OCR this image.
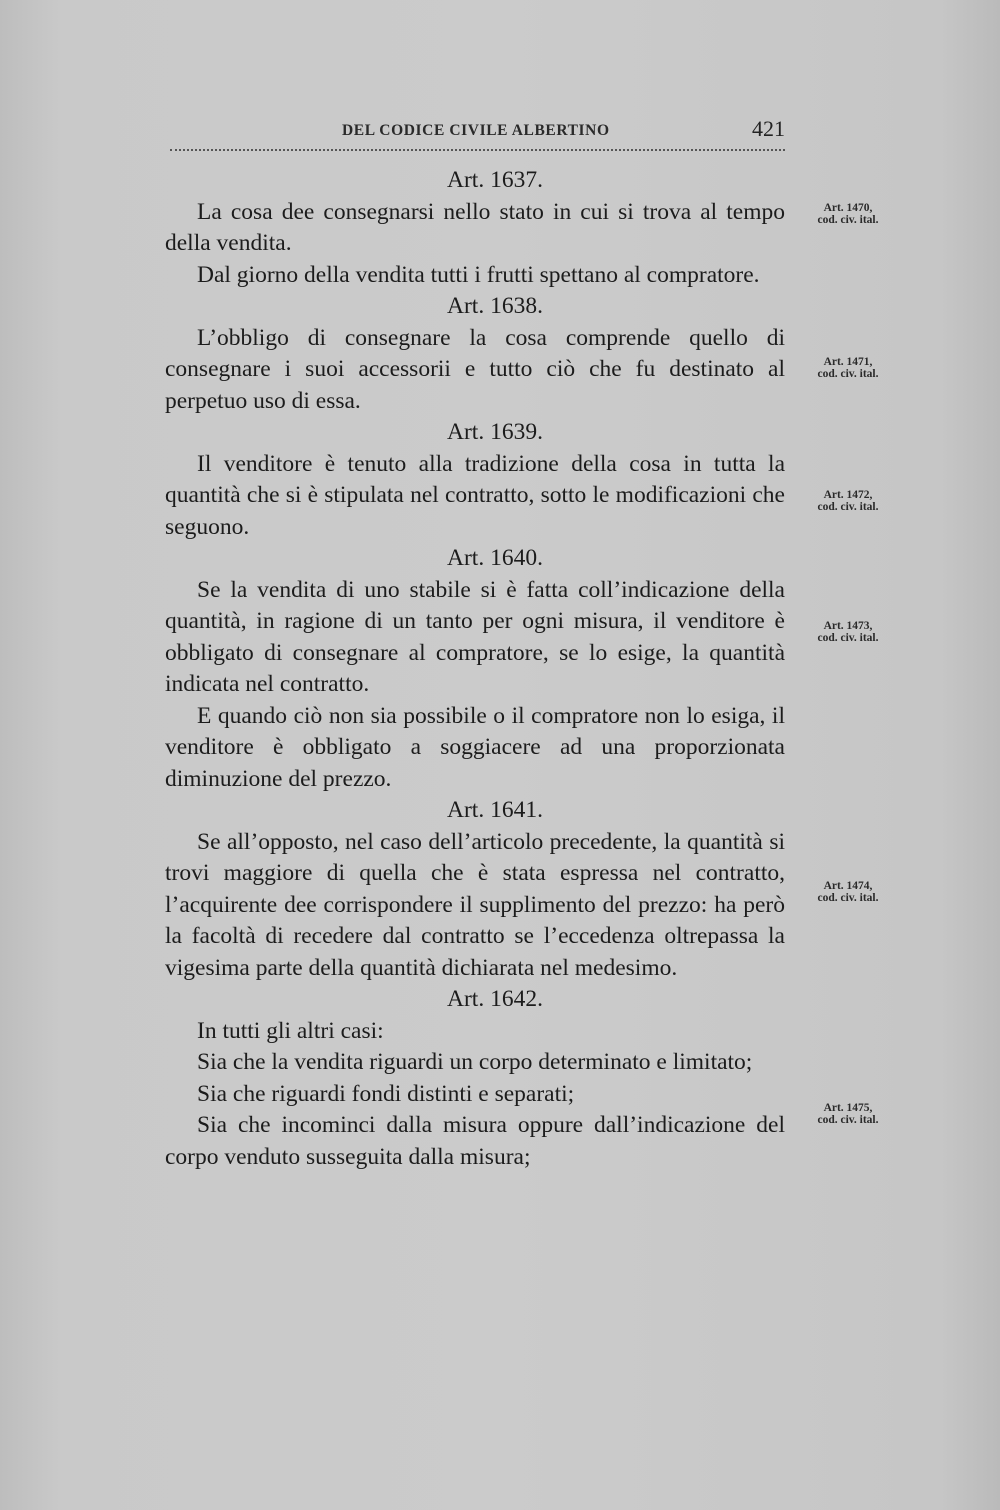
DEL CODICE CIVILE ALBERTINO	421

Art. 1637.

La cosa dee consegnarsi nello stato in cui si trova al tempo della vendita.

Dal giorno della vendita tutti i frutti spettano al compratore.

Art. 1638.

L’obbligo di consegnare la cosa comprende quello di consegnare i suoi accessorii e tutto ciò che fu destinato al perpetuo uso di essa.

Art. 1639.

Il venditore è tenuto alla tradizione della cosa in tutta la quantità che si è stipulata nel contratto, sotto le modificazioni che seguono.

Art. 1640.

Se la vendita di uno stabile si è fatta coll’indicazione della quantità, in ragione di un tanto per ogni misura, il venditore è obbligato di consegnare al compratore, se lo esige, la quantità indicata nel contratto.

E quando ciò non sia possibile o il compratore non lo esiga, il venditore è obbligato a soggiacere ad una proporzionata diminuzione del prezzo.

Art. 1641.

Se all’opposto, nel caso dell’articolo precedente, la quantità si trovi maggiore di quella che è stata espressa nel contratto, l’acquirente dee corrispondere il supplimento del prezzo: ha però la facoltà di recedere dal contratto se l’eccedenza oltrepassa la vigesima parte della quantità dichiarata nel medesimo.

Art. 1642.

In tutti gli altri casi:

Sia che la vendita riguardi un corpo determinato e limitato;

Sia che riguardi fondi distinti e separati;

Sia che incominci dalla misura oppure dall’indicazione del corpo venduto susseguita dalla misura;

Art. 1470,
cod. civ. ital.
Art. 1471,
cod. civ. ital.
Art. 1472,
cod. civ. ital.
Art. 1473,
cod. civ. ital.
Art. 1474,
cod. civ. ital.
Art. 1475,
cod. civ. ital.
